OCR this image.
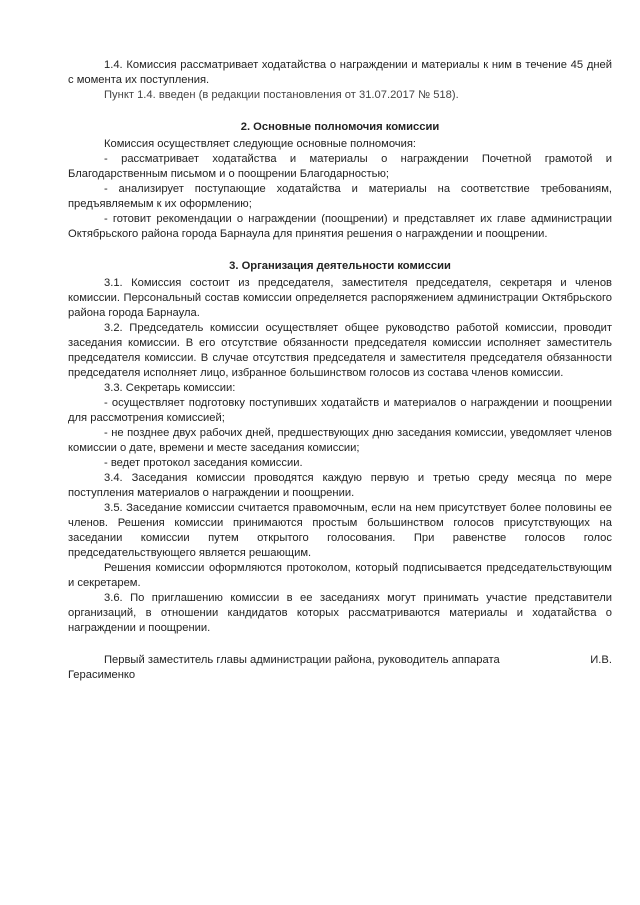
1.4. Комиссия рассматривает ходатайства о награждении и материалы к ним в течение 45 дней с момента их поступления.

Пункт 1.4. введен (в редакции постановления от 31.07.2017 № 518).

2. Основные полномочия комиссии

Комиссия осуществляет следующие основные полномочия:

- рассматривает ходатайства и материалы о награждении Почетной грамотой и Благодарственным письмом и о поощрении Благодарностью;

- анализирует поступающие ходатайства и материалы на соответствие требованиям, предъявляемым к их оформлению;

- готовит рекомендации о награждении (поощрении) и представляет их главе администрации Октябрьского района города Барнаула для принятия решения о награждении и поощрении.

3. Организация деятельности комиссии

3.1. Комиссия состоит из председателя, заместителя председателя, секретаря и членов комиссии. Персональный состав комиссии определяется распоряжением администрации Октябрьского района города Барнаула.

3.2. Председатель комиссии осуществляет общее руководство работой комиссии, проводит заседания комиссии. В его отсутствие обязанности председателя комиссии исполняет заместитель председателя комиссии. В случае отсутствия председателя и заместителя председателя обязанности председателя исполняет лицо, избранное большинством голосов из состава членов комиссии.

3.3. Секретарь комиссии:

- осуществляет подготовку поступивших ходатайств и материалов о награждении и поощрении для рассмотрения комиссией;

- не позднее двух рабочих дней, предшествующих дню заседания комиссии, уведомляет членов комиссии о дате, времени и месте заседания комиссии;

- ведет протокол заседания комиссии.

3.4. Заседания комиссии проводятся каждую первую и третью среду месяца по мере поступления материалов о награждении и поощрении.

3.5. Заседание комиссии считается правомочным, если на нем присутствует более половины ее членов. Решения комиссии принимаются простым большинством голосов присутствующих на заседании комиссии путем открытого голосования. При равенстве голосов голос председательствующего является решающим.

Решения комиссии оформляются протоколом, который подписывается председательствующим и секретарем.

3.6. По приглашению комиссии в ее заседаниях могут принимать участие представители организаций, в отношении кандидатов которых рассматриваются материалы и ходатайства о награждении и поощрении.

Первый заместитель главы администрации района, руководитель аппарата	И.В.

Герасименко
